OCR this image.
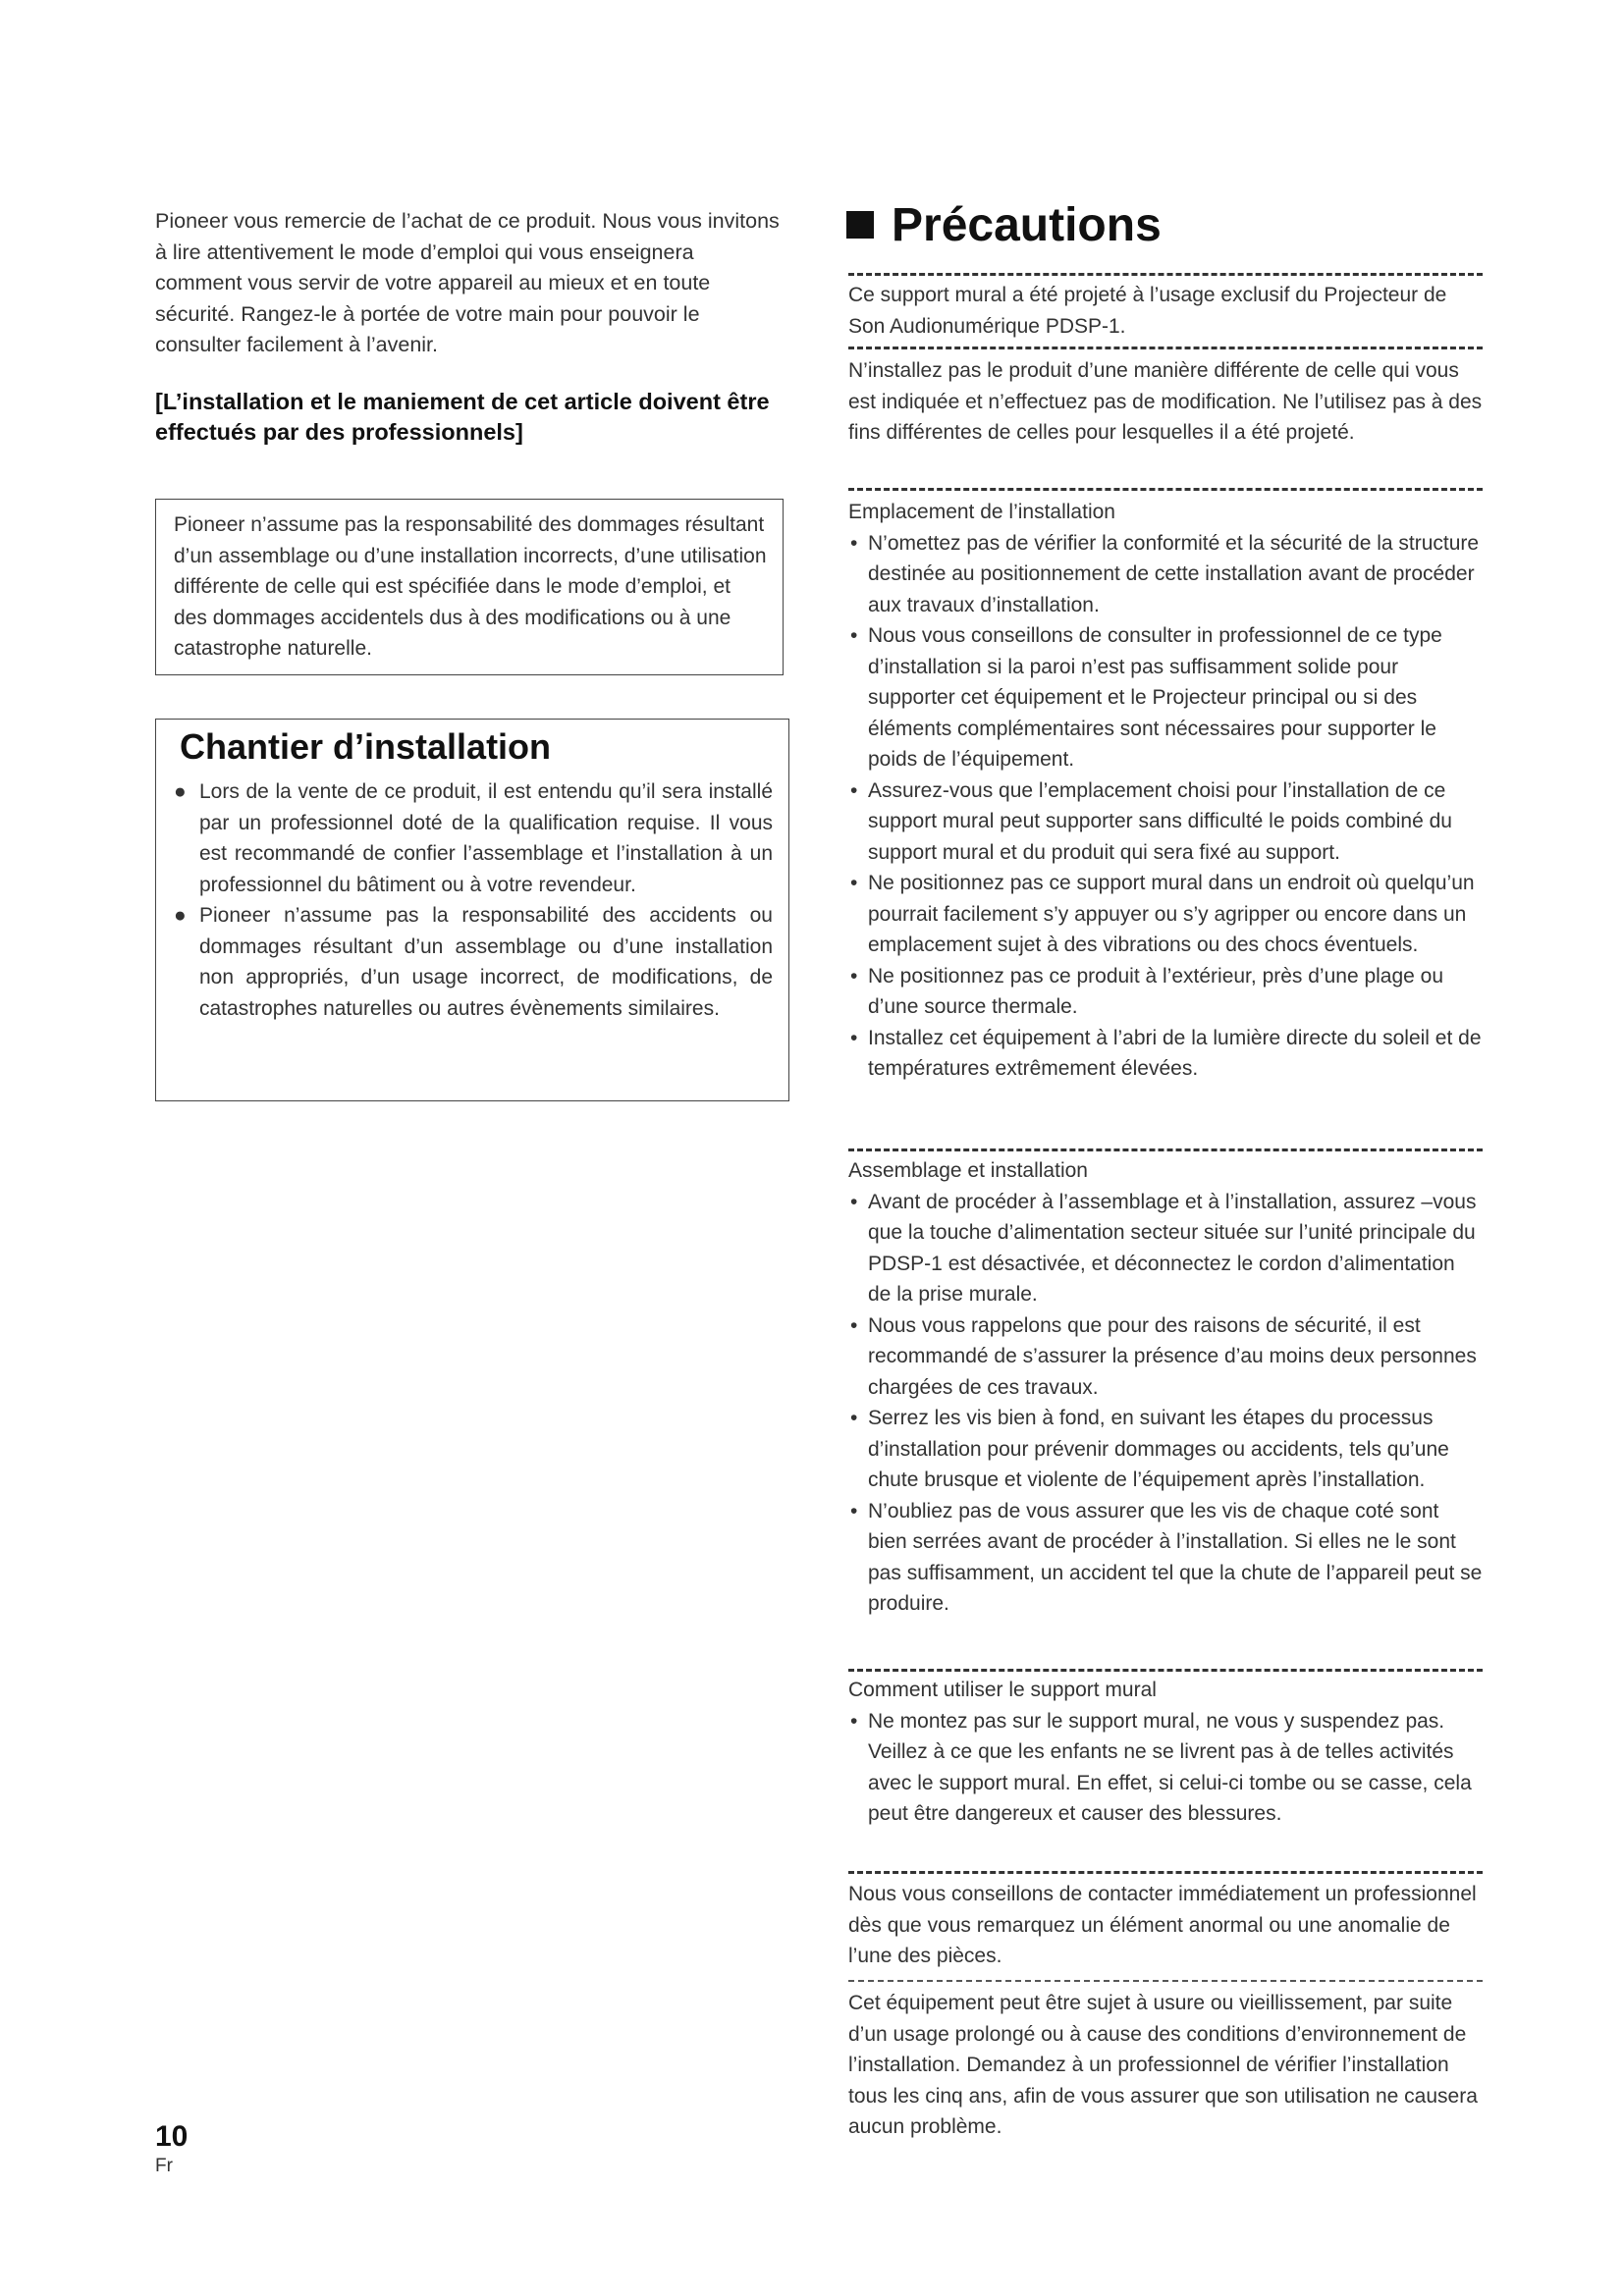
Pioneer vous remercie de l’achat de ce produit. Nous vous invitons à lire attentivement le mode d’emploi qui vous enseignera comment vous servir de votre appareil au mieux et en toute sécurité. Rangez-le à portée de votre main pour pouvoir le consulter facilement à l’avenir.

[L’installation et le maniement de cet article doivent être effectués par des professionnels]

Pioneer n’assume pas la responsabilité des dommages résultant d’un assemblage ou d’une installation incorrects, d’une utilisation différente de celle qui est spécifiée dans le mode d’emploi, et des dommages accidentels dus à des modifications ou à une catastrophe naturelle.

Chantier d’installation
● Lors de la vente de ce produit, il est entendu qu’il sera installé par un professionnel doté de la qualification requise. Il vous est recommandé de confier l’assemblage et l’installation à un professionnel du bâtiment ou à votre revendeur.
● Pioneer n’assume pas la responsabilité des accidents ou dommages résultant d’un assemblage ou d’une installation non appropriés, d’un usage incorrect, de modifications, de catastrophes naturelles ou autres évènements similaires.
10
Fr
Précautions

Ce support mural a été projeté à l’usage exclusif du Projecteur de Son Audionumérique PDSP-1.

N’installez pas le produit d’une manière différente de celle qui vous est indiquée et n’effectuez pas de modification. Ne l’utilisez pas à des fins différentes de celles pour lesquelles il a été projeté.

Emplacement de l’installation

• N’omettez pas de vérifier la conformité et la sécurité de la structure destinée au positionnement de cette installation avant de procéder aux travaux d’installation.
• Nous vous conseillons de consulter in professionnel de ce type d’installation si la paroi n’est pas suffisamment solide pour supporter cet équipement et le Projecteur principal ou si des éléments complémentaires sont nécessaires pour supporter le poids de l’équipement.
• Assurez-vous que l’emplacement choisi pour l’installation de ce support mural peut supporter sans difficulté le poids combiné du support mural et du produit qui sera fixé au support.
• Ne positionnez pas ce support mural dans un endroit où quelqu’un pourrait facilement s’y appuyer ou s’y agripper ou encore dans un emplacement sujet à des vibrations ou des chocs éventuels.
• Ne positionnez pas ce produit à l’extérieur, près d’une plage ou d’une source thermale.
• Installez cet équipement à l’abri de la lumière directe du soleil et de températures extrêmement élevées.

Assemblage et installation

• Avant de procéder à l’assemblage et à l’installation, assurez –vous que la touche d’alimentation secteur située sur l’unité principale du PDSP-1 est désactivée, et déconnectez le cordon d’alimentation de la prise murale.
• Nous vous rappelons que pour des raisons de sécurité, il est recommandé de s’assurer la présence d’au moins deux personnes chargées de ces travaux.
• Serrez les vis bien à fond, en suivant les étapes du processus d’installation pour prévenir dommages ou accidents, tels qu’une chute brusque et violente de l’équipement après l’installation.
• N’oubliez pas de vous assurer que les vis de chaque coté sont bien serrées avant de procéder à l’installation. Si elles ne le sont pas suffisamment, un accident tel que la chute de l’appareil peut se produire.

Comment utiliser le support mural

• Ne montez pas sur le support mural, ne vous y suspendez pas. Veillez à ce que les enfants ne se livrent pas à de telles activités avec le support mural. En effet, si celui-ci tombe ou se casse, cela peut être dangereux et causer des blessures.

Nous vous conseillons de contacter immédiatement un professionnel dès que vous remarquez un élément anormal ou une anomalie de l’une des pièces.

Cet équipement peut être sujet à usure ou vieillissement, par suite d’un usage prolongé ou à cause des conditions d’environnement de l’installation. Demandez à un professionnel de vérifier l’installation tous les cinq ans, afin de vous assurer que son utilisation ne causera aucun problème.
